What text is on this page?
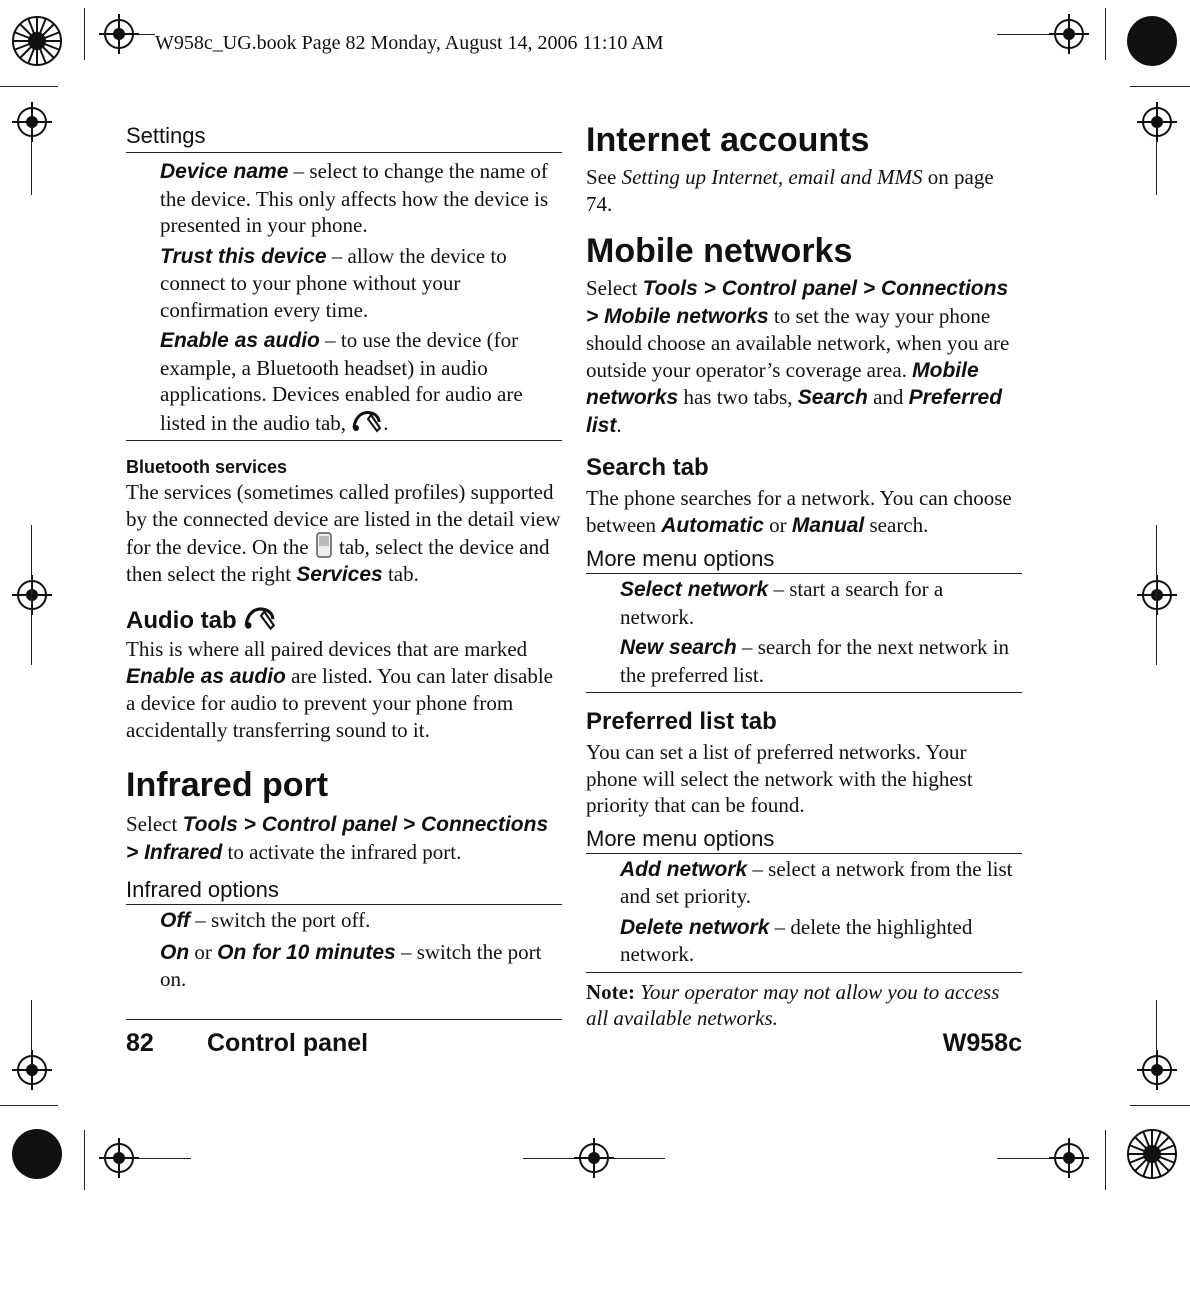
W958c_UG.book Page 82 Monday, August 14, 2006 11:10 AM
Settings

Device name – select to change the name of the device. This only affects how the device is presented in your phone.

Trust this device – allow the device to connect to your phone without your confirmation every time.

Enable as audio – to use the device (for example, a Bluetooth headset) in audio applications. Devices enabled for audio are listed in the audio tab, .

Bluetooth services

The services (sometimes called profiles) supported by the connected device are listed in the detail view for the device. On the  tab, select the device and then select the right Services tab.

Audio tab

This is where all paired devices that are marked Enable as audio are listed. You can later disable a device for audio to prevent your phone from accidentally transferring sound to it.

Infrared port

Select Tools > Control panel > Connections > Infrared to activate the infrared port.

Infrared options

Off – switch the port off.

On or On for 10 minutes – switch the port on.

Internet accounts

See Setting up Internet, email and MMS on page 74.

Mobile networks

Select Tools > Control panel > Connections > Mobile networks to set the way your phone should choose an available network, when you are outside your operator’s coverage area. Mobile networks has two tabs, Search and Preferred list.

Search tab

The phone searches for a network. You can choose between Automatic or Manual search.

More menu options

Select network – start a search for a network.

New search – search for the next network in the preferred list.

Preferred list tab

You can set a list of preferred networks. Your phone will select the network with the highest priority that can be found.

More menu options

Add network – select a network from the list and set priority.

Delete network – delete the highlighted network.

Note: Your operator may not allow you to access all available networks.

82 Control panel	W958c
